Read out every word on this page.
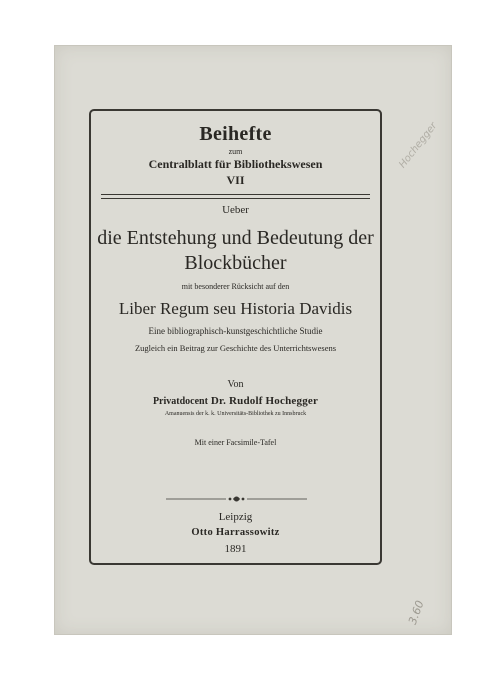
Beihefte
zum
Centralblatt für Bibliothekswesen
VII
Ueber
die Entstehung und Bedeutung der
Blockbücher
mit besonderer Rücksicht auf den
Liber Regum seu Historia Davidis
Eine bibliographisch-kunstgeschichtliche Studie
Zugleich ein Beitrag zur Geschichte des Unterrichtswesens
Von
Privatdocent Dr. Rudolf Hochegger
Amanuensis der k. k. Universitäts-Bibliothek zu Innsbruck
Mit einer Facsimile-Tafel
Leipzig
Otto Harrassowitz
1891
Hochegger
3.60
